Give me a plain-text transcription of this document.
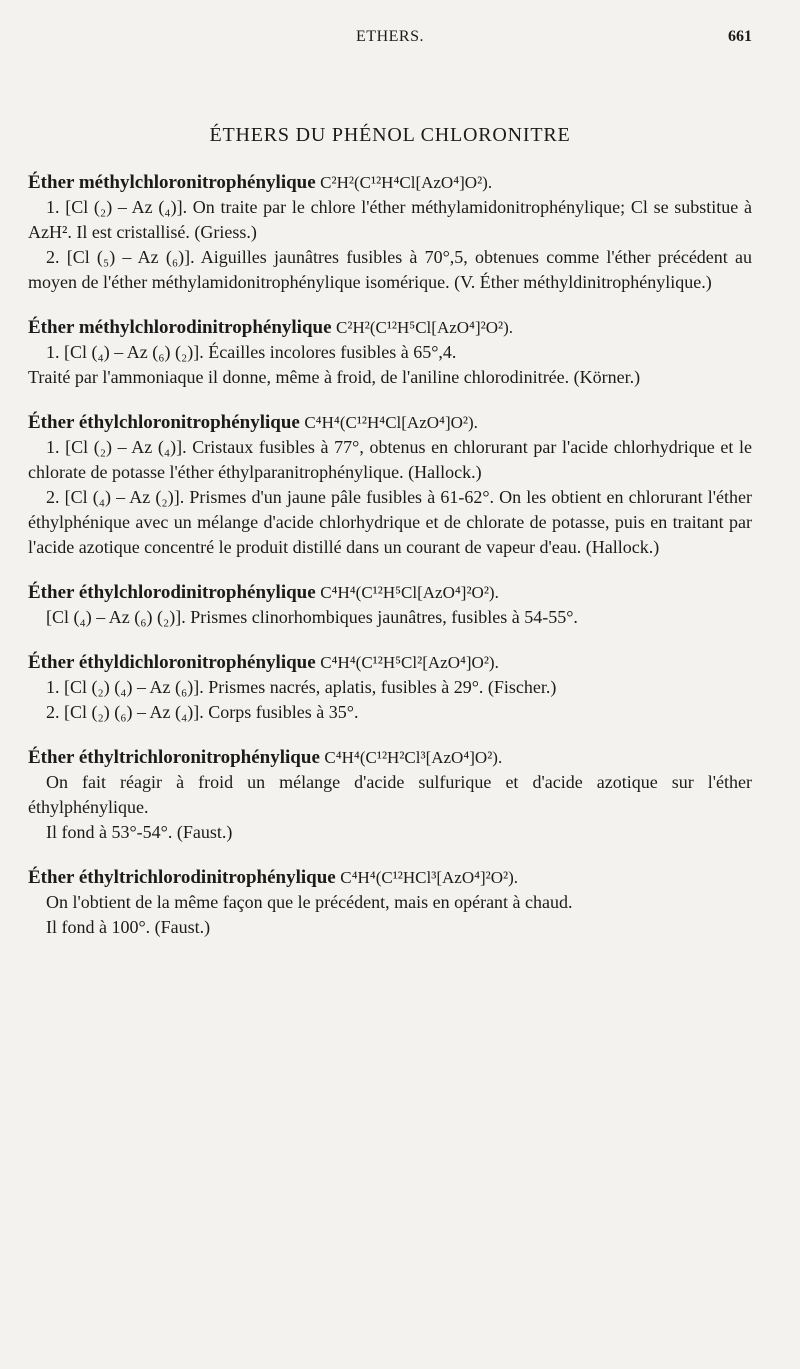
ETHERS.	661
ÉTHERS DU PHÉNOL CHLORONITRE

Éther méthylchloronitrophénylique C²H²(C¹²H⁴Cl[AzO⁴]O²).

1. [Cl (₂) – Az (₄)]. On traite par le chlore l'éther méthylamidonitrophénylique; Cl se substitue à AzH². Il est cristallisé. (Griess.)

2. [Cl (₅) – Az (₆)]. Aiguilles jaunâtres fusibles à 70°,5, obtenues comme l'éther précédent au moyen de l'éther méthylamidonitrophénylique isomérique. (V. Éther méthyldinitrophénylique.)

Éther méthylchlorodinitrophénylique C²H²(C¹²H⁵Cl[AzO⁴]²O²).

1. [Cl (₄) – Az (₆) (₂)]. Écailles incolores fusibles à 65°,4.

Traité par l'ammoniaque il donne, même à froid, de l'aniline chlorodinitrée. (Körner.)

Éther éthylchloronitrophénylique C⁴H⁴(C¹²H⁴Cl[AzO⁴]O²).

1. [Cl (₂) – Az (₄)]. Cristaux fusibles à 77°, obtenus en chlorurant par l'acide chlorhydrique et le chlorate de potasse l'éther éthylparanitrophénylique. (Hallock.)

2. [Cl (₄) – Az (₂)]. Prismes d'un jaune pâle fusibles à 61-62°. On les obtient en chlorurant l'éther éthylphénique avec un mélange d'acide chlorhydrique et de chlorate de potasse, puis en traitant par l'acide azotique concentré le produit distillé dans un courant de vapeur d'eau. (Hallock.)

Éther éthylchlorodinitrophénylique C⁴H⁴(C¹²H⁵Cl[AzO⁴]²O²).

[Cl (₄) – Az (₆) (₂)]. Prismes clinorhombiques jaunâtres, fusibles à 54-55°.

Éther éthyldichloronitrophénylique C⁴H⁴(C¹²H⁵Cl²[AzO⁴]O²).

1. [Cl (₂) (₄) – Az (₆)]. Prismes nacrés, aplatis, fusibles à 29°. (Fischer.)

2. [Cl (₂) (₆) – Az (₄)]. Corps fusibles à 35°.

Éther éthyltrichloronitrophénylique C⁴H⁴(C¹²H²Cl³[AzO⁴]O²).

On fait réagir à froid un mélange d'acide sulfurique et d'acide azotique sur l'éther éthylphénylique.

Il fond à 53°-54°. (Faust.)

Éther éthyltrichlorodinitrophénylique C⁴H⁴(C¹²HCl³[AzO⁴]²O²).

On l'obtient de la même façon que le précédent, mais en opérant à chaud.

Il fond à 100°. (Faust.)
